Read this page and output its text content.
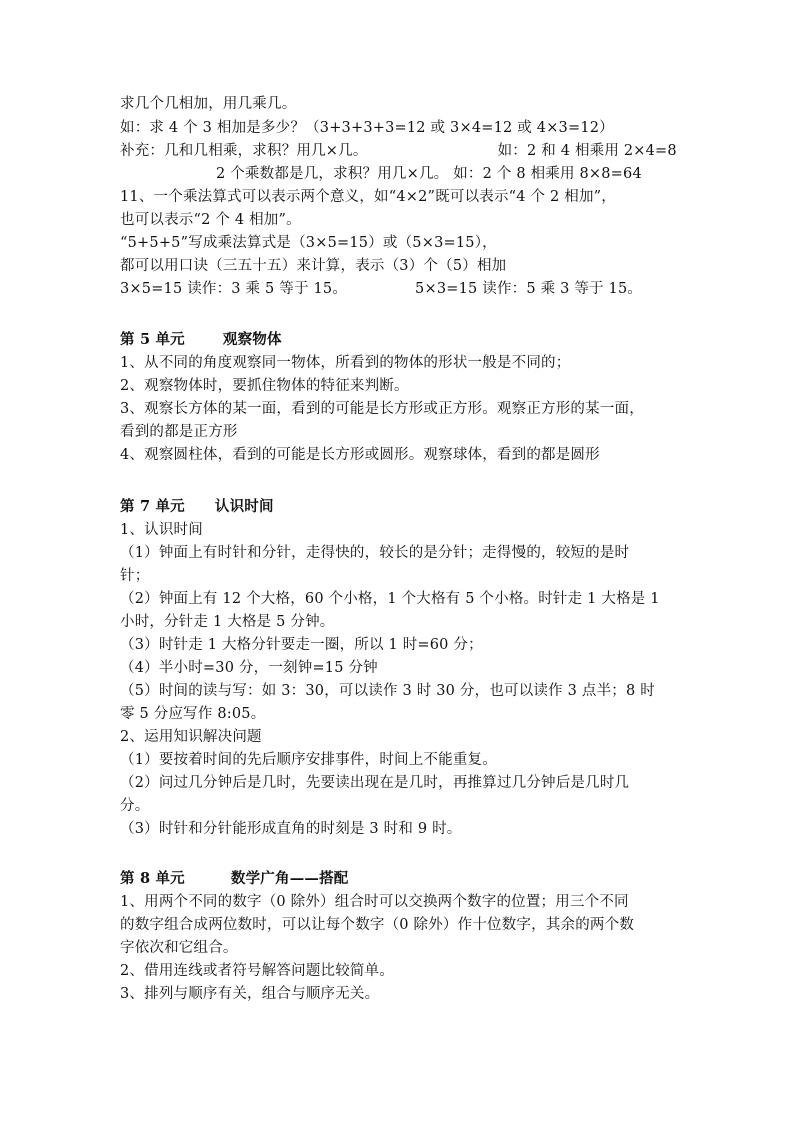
求几个几相加，用几乘几。

如：求 4 个 3 相加是多少？（3+3+3+3=12 或 3×4=12 或 4×3=12）

补充：几和几相乘，求积？用几×几。	如：2 和 4 相乘用 2×4=8

2 个乘数都是几，求积？用几×几。 如：2 个 8 相乘用 8×8=64

11、一个乘法算式可以表示两个意义，如“4×2”既可以表示“4 个 2 相加”，

也可以表示“2 个 4 相加”。

“5+5+5”写成乘法算式是（3×5=15）或（5×3=15），

都可以用口诀（三五十五）来计算，表示（3）个（5）相加

3×5=15 读作：3 乘 5 等于 15。	5×3=15 读作：5 乘 3 等于 15。

第 5 单元	观察物体

1、从不同的角度观察同一物体，所看到的物体的形状一般是不同的；

2、观察物体时，要抓住物体的特征来判断。

3、观察长方体的某一面，看到的可能是长方形或正方形。观察正方形的某一面，

看到的都是正方形

4、观察圆柱体，看到的可能是长方形或圆形。观察球体，看到的都是圆形

第 7 单元 认识时间

1、认识时间

（1）钟面上有时针和分针，走得快的，较长的是分针；走得慢的，较短的是时

针；

（2）钟面上有 12 个大格，60 个小格，1 个大格有 5 个小格。时针走 1 大格是 1

小时，分针走 1 大格是 5 分钟。

（3）时针走 1 大格分针要走一圈，所以 1 时=60 分；

（4）半小时=30 分，一刻钟=15 分钟

（5）时间的读与写：如 3：30，可以读作 3 时 30 分，也可以读作 3 点半；8 时

零 5 分应写作 8:05。

2、运用知识解决问题

（1）要按着时间的先后顺序安排事件，时间上不能重复。

（2）问过几分钟后是几时，先要读出现在是几时，再推算过几分钟后是几时几

分。

（3）时针和分针能形成直角的时刻是 3 时和 9 时。

第 8 单元	数学广角——搭配

1、用两个不同的数字（0 除外）组合时可以交换两个数字的位置；用三个不同

的数字组合成两位数时，可以让每个数字（0 除外）作十位数字，其余的两个数

字依次和它组合。

2、借用连线或者符号解答问题比较简单。

3、排列与顺序有关，组合与顺序无关。
